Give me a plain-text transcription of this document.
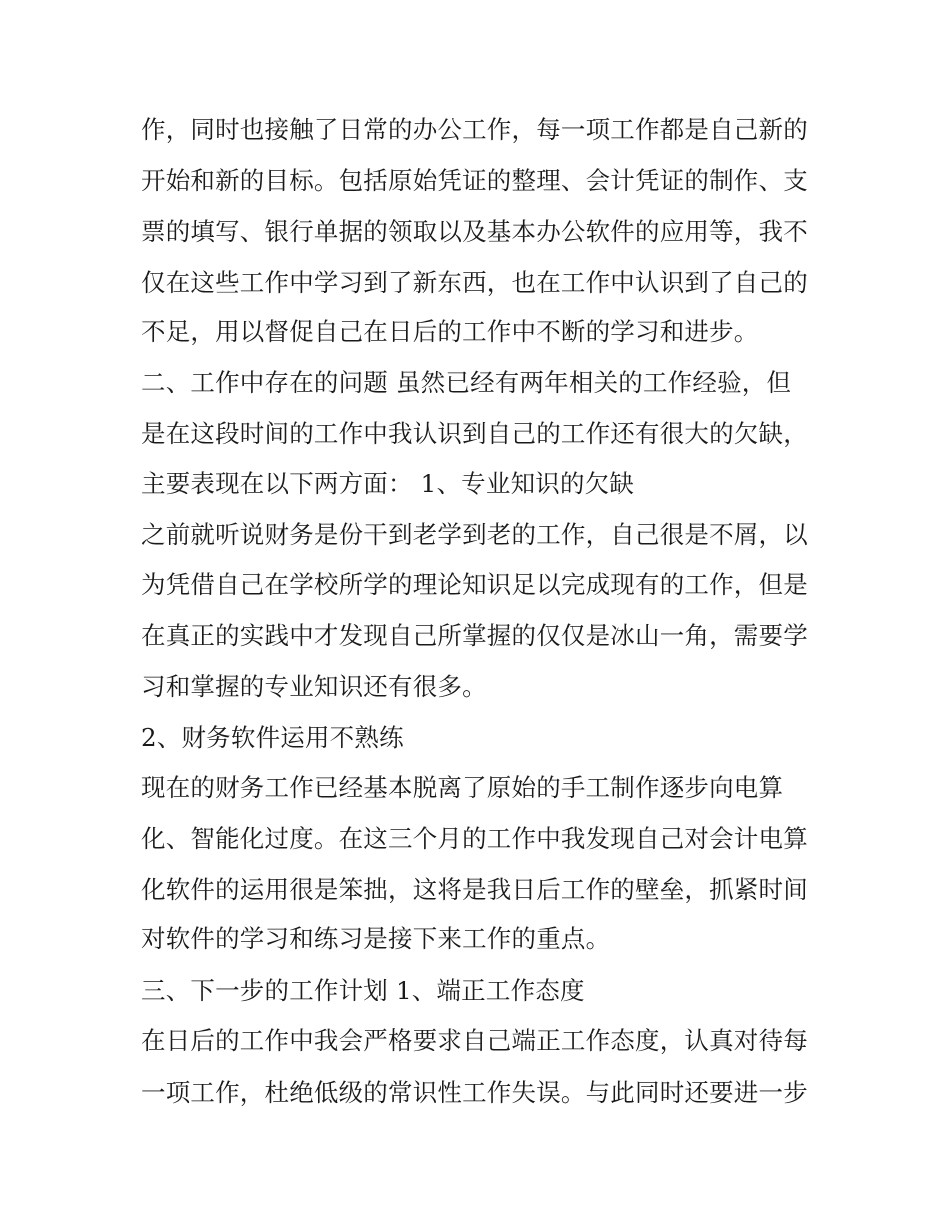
作，同时也接触了日常的办公工作，每一项工作都是自己新的
开始和新的目标。包括原始凭证的整理、会计凭证的制作、支
票的填写、银行单据的领取以及基本办公软件的应用等，我不
仅在这些工作中学习到了新东西，也在工作中认识到了自己的
不足，用以督促自己在日后的工作中不断的学习和进步。
二、工作中存在的问题 虽然已经有两年相关的工作经验，但
是在这段时间的工作中我认识到自己的工作还有很大的欠缺，
主要表现在以下两方面： 1、专业知识的欠缺
之前就听说财务是份干到老学到老的工作，自己很是不屑，以
为凭借自己在学校所学的理论知识足以完成现有的工作，但是
在真正的实践中才发现自己所掌握的仅仅是冰山一角，需要学
习和掌握的专业知识还有很多。
2、财务软件运用不熟练
现在的财务工作已经基本脱离了原始的手工制作逐步向电算
化、智能化过度。在这三个月的工作中我发现自己对会计电算
化软件的运用很是笨拙，这将是我日后工作的壁垒，抓紧时间
对软件的学习和练习是接下来工作的重点。
三、下一步的工作计划 1、端正工作态度
在日后的工作中我会严格要求自己端正工作态度，认真对待每
一项工作，杜绝低级的常识性工作失误。与此同时还要进一步
